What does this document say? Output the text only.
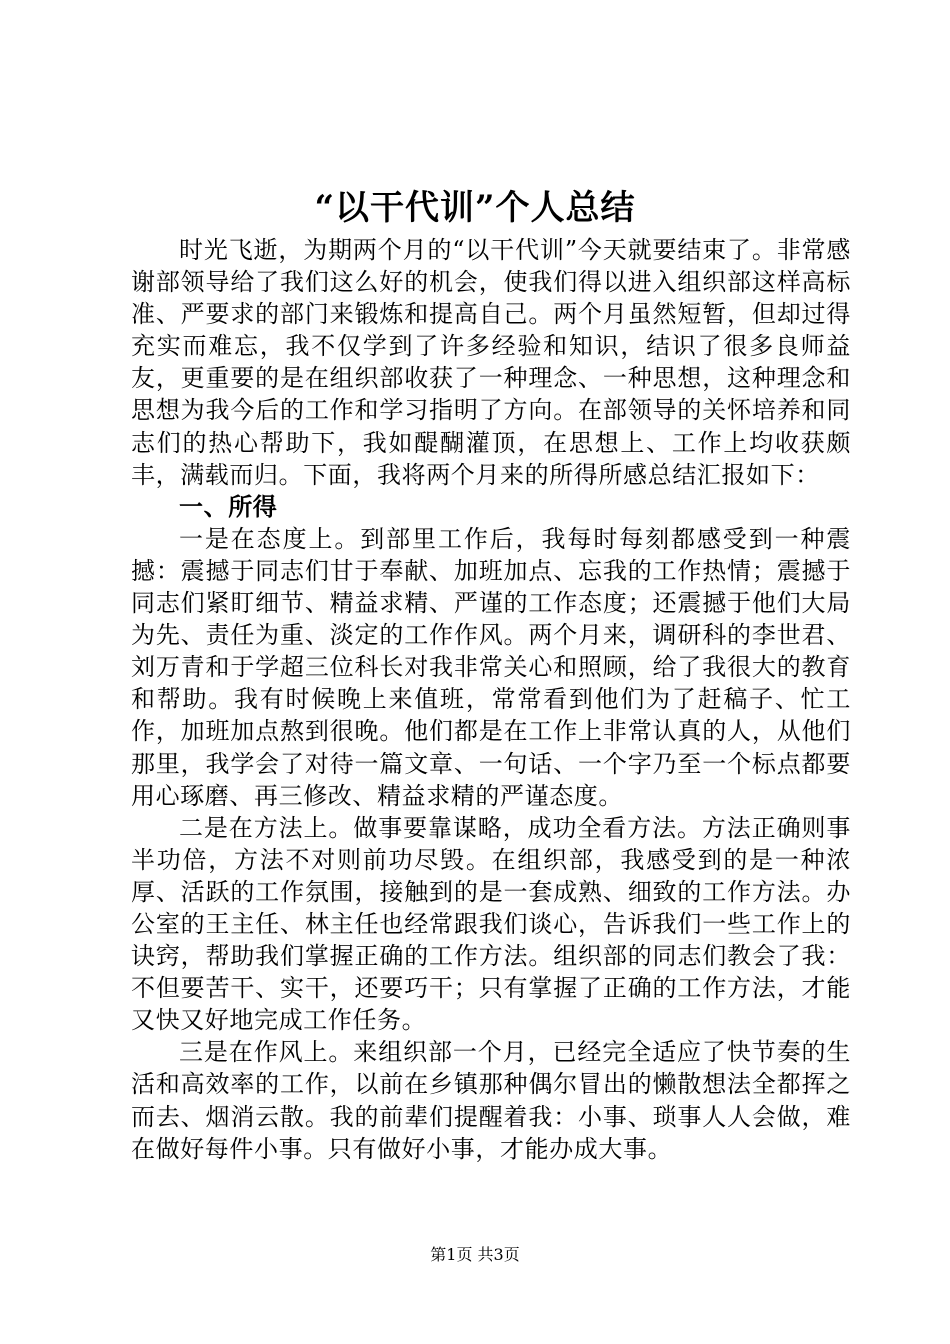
“以干代训”个人总结

时光飞逝，为期两个月的“以干代训”今天就要结束了。非常感谢部领导给了我们这么好的机会，使我们得以进入组织部这样高标准、严要求的部门来锻炼和提高自己。两个月虽然短暂，但却过得充实而难忘，我不仅学到了许多经验和知识，结识了很多良师益友，更重要的是在组织部收获了一种理念、一种思想，这种理念和思想为我今后的工作和学习指明了方向。在部领导的关怀培养和同志们的热心帮助下，我如醍醐灌顶，在思想上、工作上均收获颇丰，满载而归。下面，我将两个月来的所得所感总结汇报如下：

一、所得

一是在态度上。到部里工作后，我每时每刻都感受到一种震撼：震撼于同志们甘于奉献、加班加点、忘我的工作热情；震撼于同志们紧盯细节、精益求精、严谨的工作态度；还震撼于他们大局为先、责任为重、淡定的工作作风。两个月来，调研科的李世君、刘万青和于学超三位科长对我非常关心和照顾，给了我很大的教育和帮助。我有时候晚上来值班，常常看到他们为了赶稿子、忙工作，加班加点熬到很晚。他们都是在工作上非常认真的人，从他们那里，我学会了对待一篇文章、一句话、一个字乃至一个标点都要用心琢磨、再三修改、精益求精的严谨态度。

二是在方法上。做事要靠谋略，成功全看方法。方法正确则事半功倍，方法不对则前功尽毁。在组织部，我感受到的是一种浓厚、活跃的工作氛围，接触到的是一套成熟、细致的工作方法。办公室的王主任、林主任也经常跟我们谈心，告诉我们一些工作上的诀窍，帮助我们掌握正确的工作方法。组织部的同志们教会了我：不但要苦干、实干，还要巧干；只有掌握了正确的工作方法，才能又快又好地完成工作任务。

三是在作风上。来组织部一个月，已经完全适应了快节奏的生活和高效率的工作，以前在乡镇那种偶尔冒出的懒散想法全都挥之而去、烟消云散。我的前辈们提醒着我：小事、琐事人人会做，难在做好每件小事。只有做好小事，才能办成大事。

第1页 共3页
